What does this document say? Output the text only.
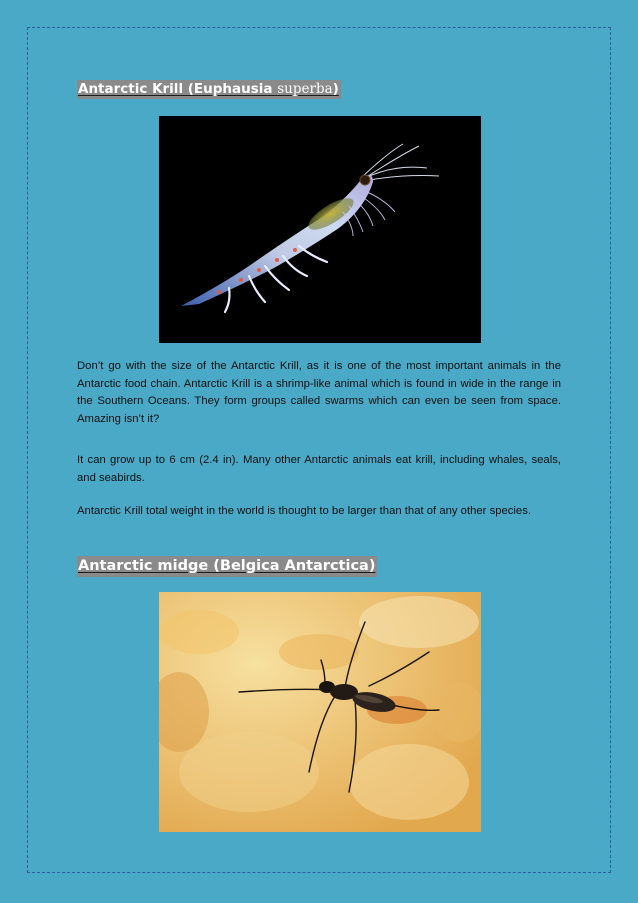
Antarctic Krill (Euphausia superba)

Don’t go with the size of the Antarctic Krill, as it is one of the most important animals in the Antarctic food chain. Antarctic Krill is a shrimp-like animal which is found in wide in the range in the Southern Oceans. They form groups called swarms which can even be seen from space. Amazing isn’t it?

It can grow up to 6 cm (2.4 in). Many other Antarctic animals eat krill, including whales, seals, and seabirds.

Antarctic Krill total weight in the world is thought to be larger than that of any other species.

Antarctic midge (Belgica Antarctica)
